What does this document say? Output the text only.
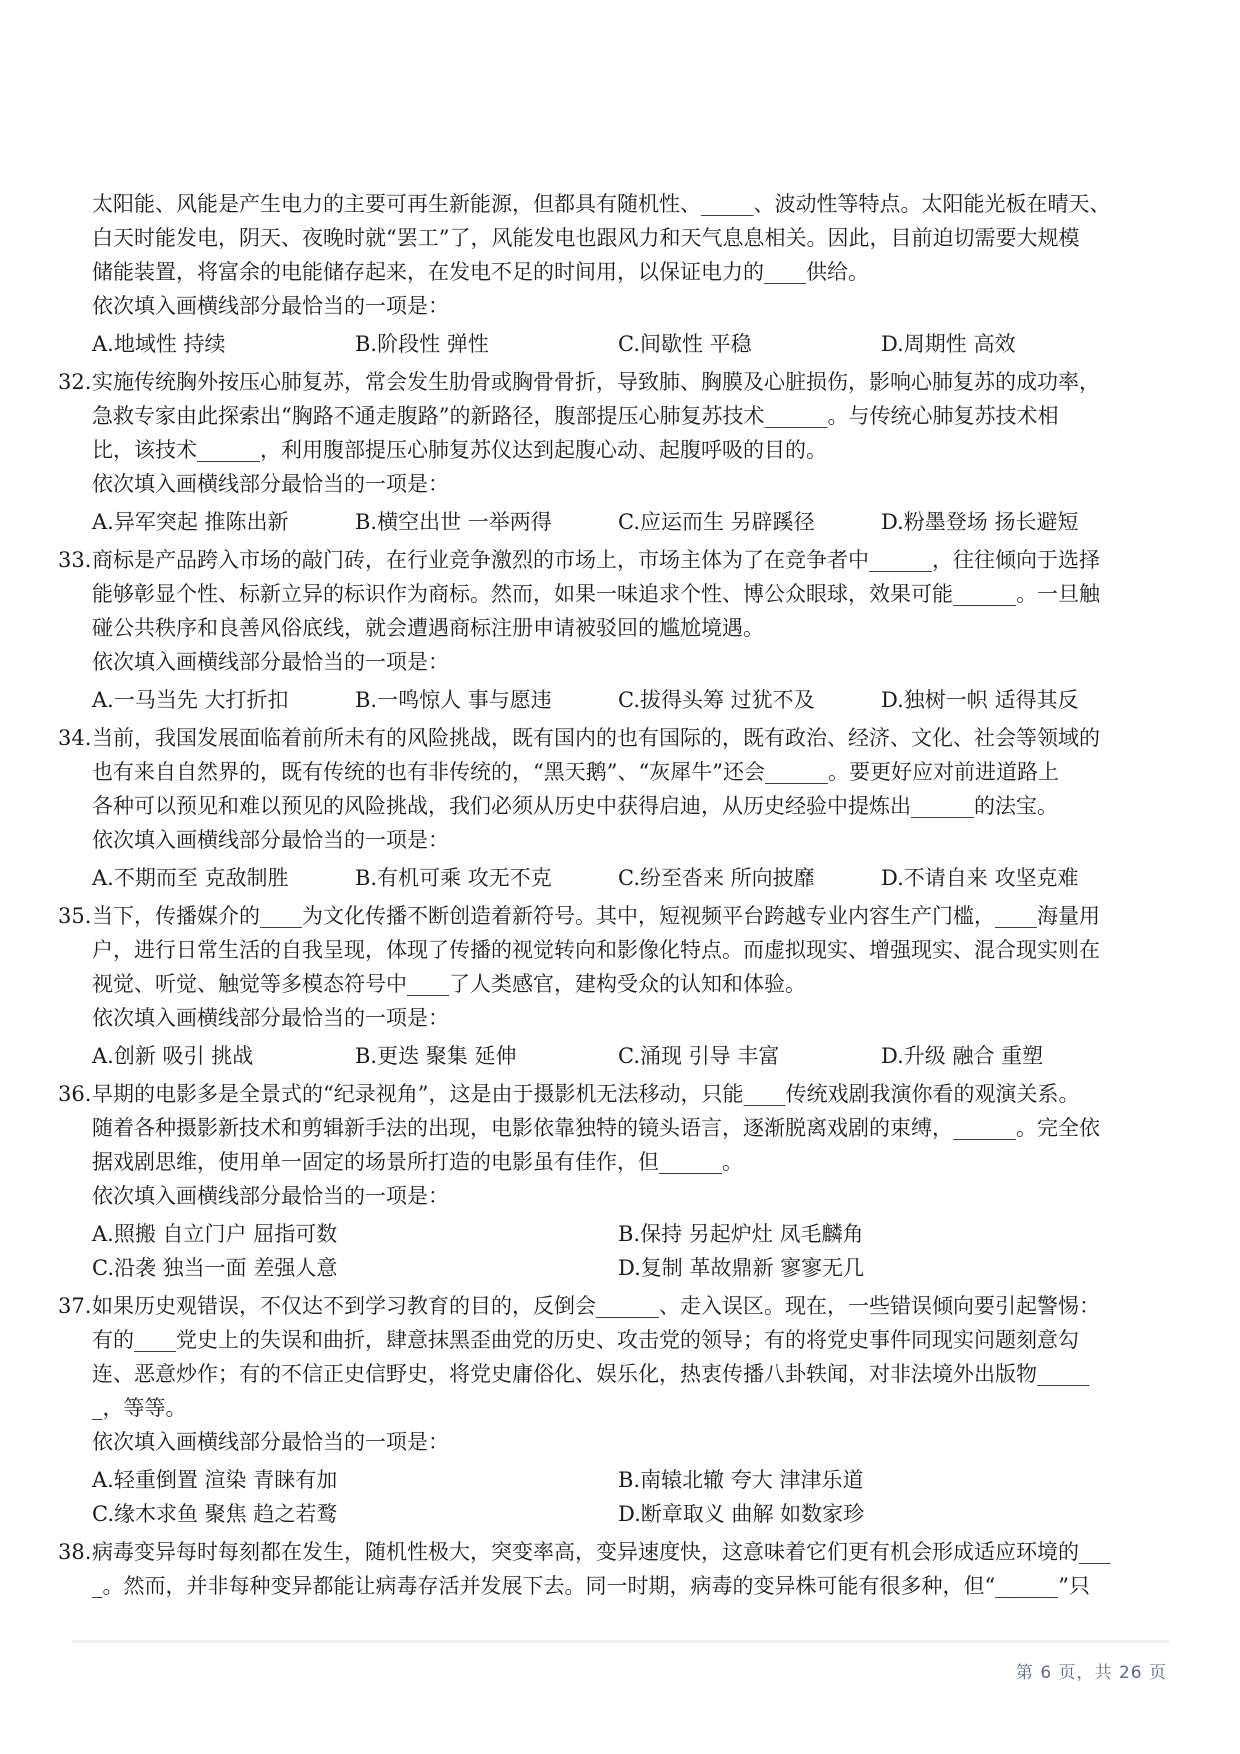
太阳能、风能是产生电力的主要可再生新能源，但都具有随机性、_____、波动性等特点。太阳能光板在晴天、
白天时能发电，阴天、夜晚时就“罢工”了，风能发电也跟风力和天气息息相关。因此，目前迫切需要大规模
储能装置，将富余的电能储存起来，在发电不足的时间用，以保证电力的____供给。
依次填入画横线部分最恰当的一项是：
A.地域性 持续	B.阶段性 弹性	C.间歇性 平稳	D.周期性 高效
32. 实施传统胸外按压心肺复苏，常会发生肋骨或胸骨骨折，导致肺、胸膜及心脏损伤，影响心肺复苏的成功率，
急救专家由此探索出“胸路不通走腹路”的新路径，腹部提压心肺复苏技术______。与传统心肺复苏技术相
比，该技术______，利用腹部提压心肺复苏仪达到起腹心动、起腹呼吸的目的。
依次填入画横线部分最恰当的一项是：
A.异军突起 推陈出新	B.横空出世 一举两得	C.应运而生 另辟蹊径	D.粉墨登场 扬长避短
33. 商标是产品跨入市场的敲门砖，在行业竞争激烈的市场上，市场主体为了在竞争者中______，往往倾向于选择
能够彰显个性、标新立异的标识作为商标。然而，如果一味追求个性、博公众眼球，效果可能______。一旦触
碰公共秩序和良善风俗底线，就会遭遇商标注册申请被驳回的尴尬境遇。
依次填入画横线部分最恰当的一项是：
A.一马当先 大打折扣	B.一鸣惊人 事与愿违	C.拔得头筹 过犹不及	D.独树一帜 适得其反
34. 当前，我国发展面临着前所未有的风险挑战，既有国内的也有国际的，既有政治、经济、文化、社会等领域的
也有来自自然界的，既有传统的也有非传统的，“黑天鹅”、“灰犀牛”还会______。要更好应对前进道路上
各种可以预见和难以预见的风险挑战，我们必须从历史中获得启迪，从历史经验中提炼出______的法宝。
依次填入画横线部分最恰当的一项是：
A.不期而至 克敌制胜	B.有机可乘 攻无不克	C.纷至沓来 所向披靡	D.不请自来 攻坚克难
35. 当下，传播媒介的____为文化传播不断创造着新符号。其中，短视频平台跨越专业内容生产门槛，____海量用
户，进行日常生活的自我呈现，体现了传播的视觉转向和影像化特点。而虚拟现实、增强现实、混合现实则在
视觉、听觉、触觉等多模态符号中____了人类感官，建构受众的认知和体验。
依次填入画横线部分最恰当的一项是：
A.创新 吸引 挑战	B.更迭 聚集 延伸	C.涌现 引导 丰富	D.升级 融合 重塑
36. 早期的电影多是全景式的“纪录视角”，这是由于摄影机无法移动，只能____传统戏剧我演你看的观演关系。
随着各种摄影新技术和剪辑新手法的出现，电影依靠独特的镜头语言，逐渐脱离戏剧的束缚，______。完全依
据戏剧思维，使用单一固定的场景所打造的电影虽有佳作，但______。
依次填入画横线部分最恰当的一项是：
A.照搬 自立门户 屈指可数	B.保持 另起炉灶 凤毛麟角
C.沿袭 独当一面 差强人意	D.复制 革故鼎新 寥寥无几
37. 如果历史观错误，不仅达不到学习教育的目的，反倒会______、走入误区。现在，一些错误倾向要引起警惕：
有的____党史上的失误和曲折，肆意抹黑歪曲党的历史、攻击党的领导；有的将党史事件同现实问题刻意勾
连、恶意炒作；有的不信正史信野史，将党史庸俗化、娱乐化，热衷传播八卦轶闻，对非法境外出版物_____
_，等等。
依次填入画横线部分最恰当的一项是：
A.轻重倒置 渲染 青睐有加	B.南辕北辙 夸大 津津乐道
C.缘木求鱼 聚焦 趋之若鹜	D.断章取义 曲解 如数家珍
38. 病毒变异每时每刻都在发生，随机性极大，突变率高，变异速度快，这意味着它们更有机会形成适应环境的___
_。然而，并非每种变异都能让病毒存活并发展下去。同一时期，病毒的变异株可能有很多种，但“______”只
第 6 页，共 26 页
